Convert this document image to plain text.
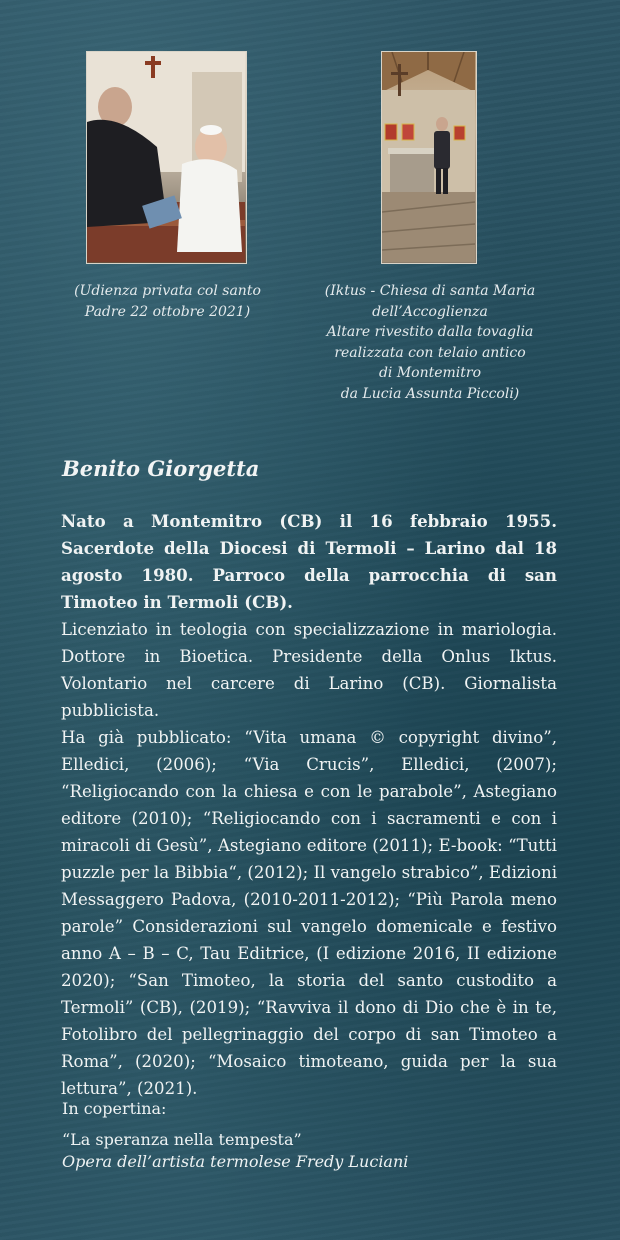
(Udienza privata col santo
Padre 22 ottobre 2021)
(Iktus - Chiesa di santa Maria
dell’Accoglienza
Altare rivestito dalla tovaglia
realizzata con telaio antico
di Montemitro
da Lucia Assunta Piccoli)
Benito Giorgetta

Nato a Montemitro (CB) il 16 febbraio 1955. Sacerdote della Diocesi di Termoli – Larino dal 18 agosto 1980. Parroco della parrocchia di san Timoteo in Termoli (CB).

Licenziato in teologia con specializzazione in mariologia. Dottore in Bioetica. Presidente della Onlus Iktus. Volontario nel carcere di Larino (CB). Giornalista pubblicista.

Ha già pubblicato: “Vita umana © copyright divino”, Elledici, (2006); “Via Crucis”, Elledici, (2007); “Religiocando con la chiesa e con le parabole”, Astegiano editore (2010); “Religiocando con i sacramenti e con i miracoli di Gesù”, Astegiano editore (2011); E-book: “Tutti puzzle per la Bibbia“, (2012); Il vangelo strabico”, Edizioni Messaggero Padova, (2010-2011-2012); “Più Parola meno parole” Considerazioni sul vangelo domenicale e festivo anno A – B – C, Tau Editrice, (I edizione 2016, II edizione 2020); “San Timoteo, la storia del santo custodito a Termoli” (CB), (2019); “Ravviva il dono di Dio che è in te, Fotolibro del pellegrinaggio del corpo di san Timoteo a Roma”, (2020); “Mosaico timoteano, guida per la sua lettura”, (2021).

In copertina:
“La speranza nella tempesta”
Opera dell’artista termolese Fredy Luciani
